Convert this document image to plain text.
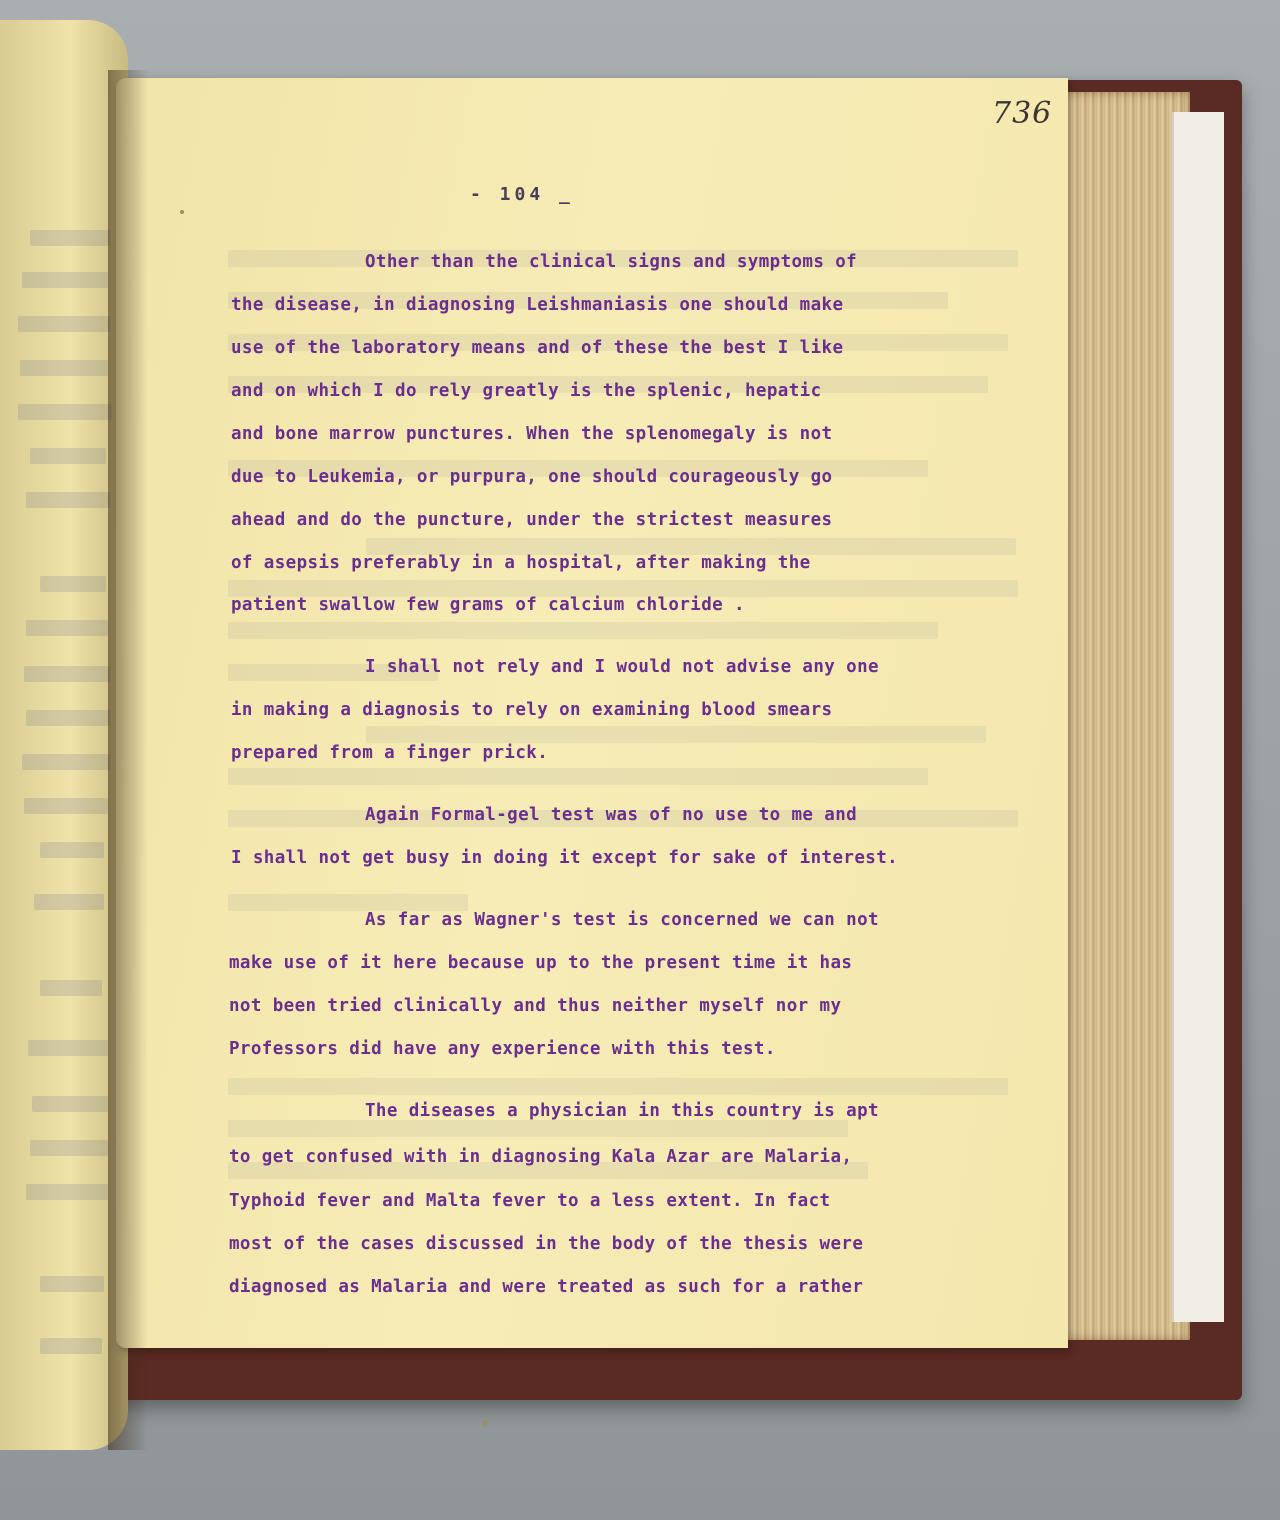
736
- 104 _
Other than the clinical signs and symptoms of
the disease, in diagnosing Leishmaniasis one should make
use of the laboratory means and of these the best I like
and on which I do rely greatly is the splenic, hepatic
and bone marrow punctures. When the splenomegaly is not
due to Leukemia, or purpura, one should courageously go
ahead and do the puncture, under the strictest measures
of asepsis preferably in a hospital, after making the
patient swallow few grams of calcium chloride .
I shall not rely and I would not advise any one
in making a diagnosis to rely on examining blood smears
prepared from a finger prick.
Again Formal-gel test was of no use to me and
I shall not get busy in doing it except for sake of interest.
As far as Wagner's test is concerned we can not
make use of it here because up to the present time it has
not been tried clinically and thus neither myself nor my
Professors did have any experience with this test.
The diseases a physician in this country is apt
to get confused with in diagnosing Kala Azar are Malaria,
Typhoid fever and Malta fever to a less extent. In fact
most of the cases discussed in the body of the thesis were
diagnosed as Malaria and were treated as such for a rather
